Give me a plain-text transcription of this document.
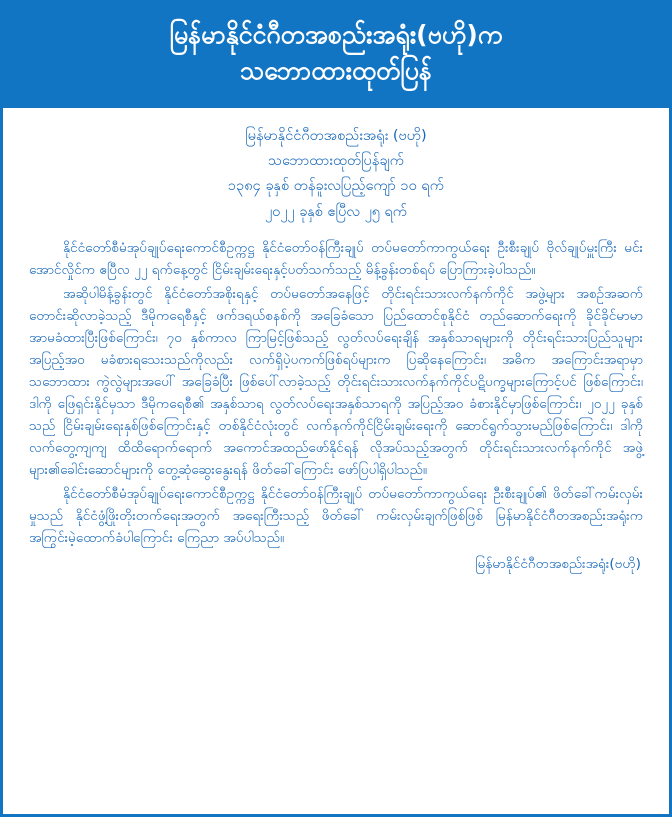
မြန်မာနိုင်ငံဂီတအစည်းအရုံး(ဗဟို)က
သဘောထားထုတ်ပြန်
မြန်မာနိုင်ငံဂီတအစည်းအရုံး (ဗဟို)
သဘောထားထုတ်ပြန်ချက်
၁၃၈၄ ခုနှစ် တန်ခူးလပြည့်ကျော် ၁၀ ရက်
၂၀၂၂ ခုနှစ် ဧပြီလ ၂၅ ရက်

နိုင်ငံတော်စီမံအုပ်ချုပ်ရေးကောင်စီဥက္ကဋ္ဌ နိုင်ငံတော်ဝန်ကြီးချုပ် တပ်မတော်ကာကွယ်ရေး ဦးစီးချုပ် ဗိုလ်ချုပ်မှူးကြီး မင်းအောင်လှိုင်က ဧပြီလ ၂၂ ရက်နေ့တွင် ငြိမ်းချမ်းရေးနှင့်ပတ်သက်သည့် မိန့်ခွန်းတစ်ရပ် ပြောကြားခဲ့ပါသည်။

အဆိုပါမိန့်ခွန်းတွင် နိုင်ငံတော်အစိုးရနှင့် တပ်မတော်အနေဖြင့် တိုင်းရင်းသားလက်နက်ကိုင် အဖွဲ့များ အစဉ်အဆက် တောင်းဆိုလာခဲ့သည့် ဒီမိုကရေစီနှင့် ဖက်ဒရယ်စနစ်ကို အခြေခံသော ပြည်ထောင်စုနိုင်ငံ တည်ဆောက်ရေးကို ခိုင်ခိုင်မာမာ အာမခံထားပြီးဖြစ်ကြောင်း၊ ၇၀ နှစ်ကာလ ကြာမြင့်ဖြစ်သည့် လွတ်လပ်ရေးချိန် အနှစ်သာရများကို တိုင်းရင်းသားပြည်သူများ အပြည့်အဝ မခံစားရသေးသည်ကိုလည်း လက်ရှိပဲ့ပကက်ဖြစ်ရပ်များက ပြဆိုနေကြောင်း၊ အဓိက အကြောင်းအရာမှာ သဘောထား ကွဲလွဲများအပေါ် အခြေခံပြီး ဖြစ်ပေါ်လာခဲ့သည့် တိုင်းရင်းသားလက်နက်ကိုင်ပဋိပက္ခများကြောင့်ပင် ဖြစ်ကြောင်း၊ ဒါကို ဖြေရှင်းနိုင်မှသာ ဒီမိုကရေစီ၏ အနှစ်သာရ လွတ်လပ်ရေးအနှစ်သာရကို အပြည့်အဝ ခံစားနိုင်မှာဖြစ်ကြောင်း၊ ၂၀၂၂ ခုနှစ်သည် ငြိမ်းချမ်းရေးနှစ်ဖြစ်ကြောင်းနှင့် တစ်နိုင်ငံလုံးတွင် လက်နက်ကိုင်ငြိမ်းချမ်းရေးကို ဆောင်ရွက်သွားမည်ဖြစ်ကြောင်း၊ ဒါကို လက်တွေ့ကျကျ ထိထိရောက်ရောက် အကောင်အထည်ဖော်နိုင်ရန် လိုအပ်သည့်အတွက် တိုင်းရင်းသားလက်နက်ကိုင် အဖွဲ့များ၏ခေါင်းဆောင်များကို တွေ့ဆုံဆွေးနွေးရန် ဖိတ်ခေါ်ကြောင်း ဖော်ပြပါရှိပါသည်။

နိုင်ငံတော်စီမံအုပ်ချုပ်ရေးကောင်စီဥက္ကဋ္ဌ နိုင်ငံတော်ဝန်ကြီးချုပ် တပ်မတော်ကာကွယ်ရေး ဦးစီးချုပ်၏ ဖိတ်ခေါ်ကမ်းလှမ်းမှုသည် နိုင်ငံဖွံ့ဖြိုးတိုးတက်ရေးအတွက် အရေးကြီးသည့် ဖိတ်ခေါ် ကမ်းလှမ်းချက်ဖြစ်ဖြစ် မြန်မာနိုင်ငံဂီတအစည်းအရုံးက အကြွင်းမဲ့ထောက်ခံပါကြောင်း ကြေညာ အပ်ပါသည်။

မြန်မာနိုင်ငံဂီတအစည်းအရုံး(ဗဟို)
